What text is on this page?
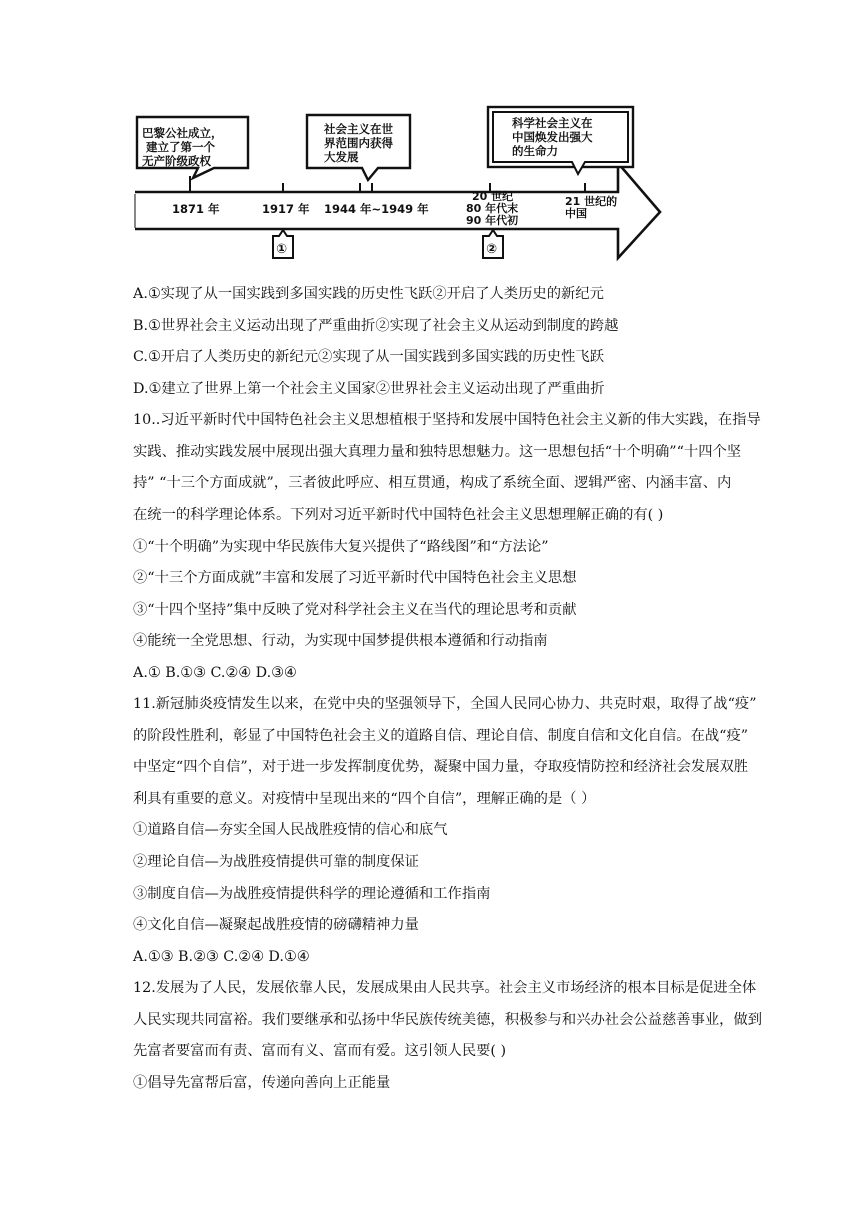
巴黎公社成立，
建立了第一个
无产阶级政权
社会主义在世
界范围内获得
大发展
科学社会主义在
中国焕发出强大
的生命力
1871 年	1917 年 1944 年~1949 年
20 世纪
80 年代末
90 年代初
21 世纪的
中国
①	②
A.①实现了从一国实践到多国实践的历史性飞跃②开启了人类历史的新纪元
B.①世界社会主义运动出现了严重曲折②实现了社会主义从运动到制度的跨越
C.①开启了人类历史的新纪元②实现了从一国实践到多国实践的历史性飞跃
D.①建立了世界上第一个社会主义国家②世界社会主义运动出现了严重曲折
10..习近平新时代中国特色社会主义思想植根于坚持和发展中国特色社会主义新的伟大实践，在指导
实践、推动实践发展中展现出强大真理力量和独特思想魅力。这一思想包括“十个明确”“十四个坚
持” “十三个方面成就”，三者彼此呼应、相互贯通，构成了系统全面、逻辑严密、内涵丰富、内
在统一的科学理论体系。下列对习近平新时代中国特色社会主义思想理解正确的有( )
①“十个明确”为实现中华民族伟大复兴提供了“路线图”和“方法论”
②“十三个方面成就”丰富和发展了习近平新时代中国特色社会主义思想
③“十四个坚持”集中反映了党对科学社会主义在当代的理论思考和贡献
④能统一全党思想、行动，为实现中国梦提供根本遵循和行动指南
A.① B.①③ C.②④ D.③④
11.新冠肺炎疫情发生以来，在党中央的坚强领导下，全国人民同心协力、共克时艰，取得了战“疫”
的阶段性胜利，彰显了中国特色社会主义的道路自信、理论自信、制度自信和文化自信。在战“疫”
中坚定“四个自信”，对于进一步发挥制度优势，凝聚中国力量，夺取疫情防控和经济社会发展双胜
利具有重要的意义。对疫情中呈现出来的“四个自信”，理解正确的是（ ）
①道路自信—夯实全国人民战胜疫情的信心和底气
②理论自信—为战胜疫情提供可靠的制度保证
③制度自信—为战胜疫情提供科学的理论遵循和工作指南
④文化自信—凝聚起战胜疫情的磅礴精神力量
A.①③ B.②③ C.②④ D.①④
12.发展为了人民，发展依靠人民，发展成果由人民共享。社会主义市场经济的根本目标是促进全体
人民实现共同富裕。我们要继承和弘扬中华民族传统美德，积极参与和兴办社会公益慈善事业，做到
先富者要富而有责、富而有义、富而有爱。这引领人民要( )
①倡导先富帮后富，传递向善向上正能量
